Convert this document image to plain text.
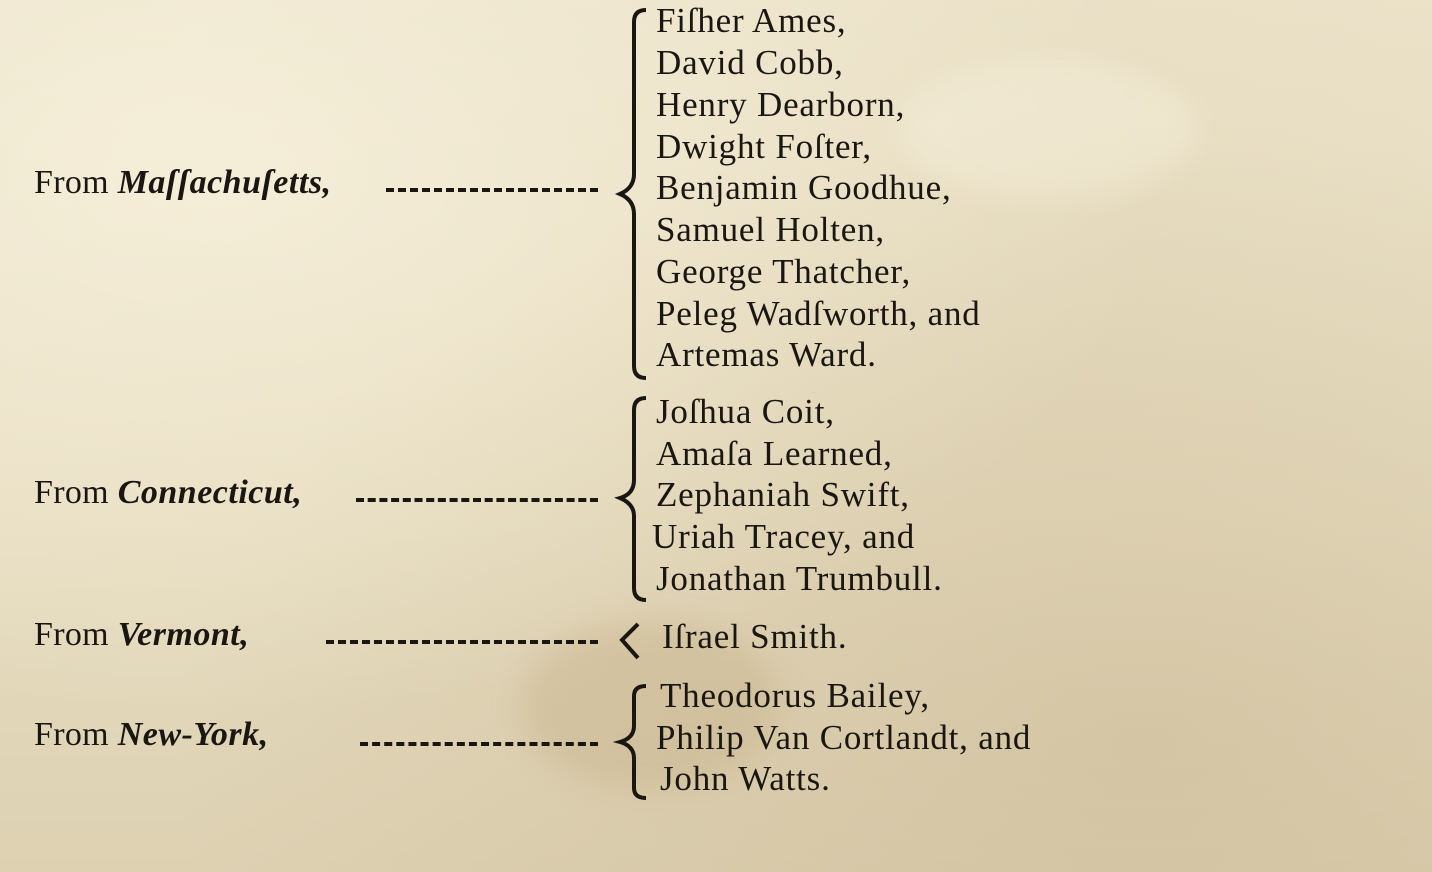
From Maſſachuſetts,
Fiſher Ames,
David Cobb,
Henry Dearborn,
Dwight Foſter,
Benjamin Goodhue,
Samuel Holten,
George Thatcher,
Peleg Wadſworth, and
Artemas Ward.
From Connecticut,
Joſhua Coit,
Amaſa Learned,
Zephaniah Swift,
Uriah Tracey, and
Jonathan Trumbull.
From Vermont,	Iſrael Smith.
From New-York,
Theodorus Bailey,
Philip Van Cortlandt, and
John Watts.
